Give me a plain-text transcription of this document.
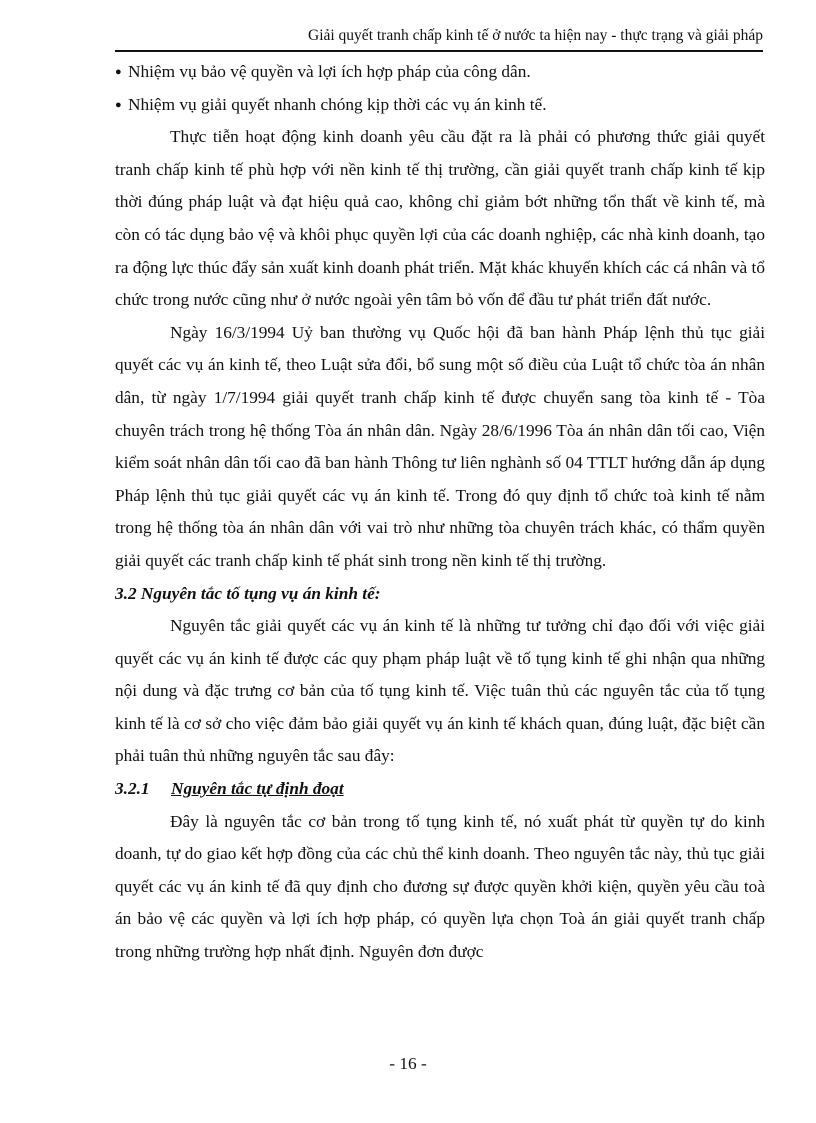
Giải quyết tranh chấp kinh tế ở nước ta hiện nay - thực trạng và giải pháp

● Nhiệm vụ bảo vệ quyền và lợi ích hợp pháp của công dân.

● Nhiệm vụ giải quyết nhanh chóng kịp thời các vụ án kinh tế.

Thực tiễn hoạt động kinh doanh yêu cầu đặt ra là phải có phương thức giải quyết tranh chấp kinh tế phù hợp với nền kinh tế thị trường, cần giải quyết tranh chấp kinh tế kịp thời đúng pháp luật và đạt hiệu quả cao, không chỉ giảm bớt những tổn thất về kinh tế, mà còn có tác dụng bảo vệ và khôi phục quyền lợi của các doanh nghiệp, các nhà kinh doanh, tạo ra động lực thúc đẩy sản xuất kinh doanh phát triển. Mặt khác khuyến khích các cá nhân và tổ chức trong nước cũng như ở nước ngoài yên tâm bỏ vốn để đầu tư phát triển đất nước.

Ngày 16/3/1994 Uỷ ban thường vụ Quốc hội đã ban hành Pháp lệnh thủ tục giải quyết các vụ án kinh tế, theo Luật sửa đổi, bổ sung một số điều của Luật tổ chức tòa án nhân dân, từ ngày 1/7/1994 giải quyết tranh chấp kinh tế được chuyển sang tòa kinh tế - Tòa chuyên trách trong hệ thống Tòa án nhân dân. Ngày 28/6/1996 Tòa án nhân dân tối cao, Viện kiểm soát nhân dân tối cao đã ban hành Thông tư liên nghành số 04 TTLT hướng dẫn áp dụng Pháp lệnh thủ tục giải quyết các vụ án kinh tế. Trong đó quy định tổ chức toà kinh tế nằm trong hệ thống tòa án nhân dân với vai trò như những tòa chuyên trách khác, có thẩm quyền giải quyết các tranh chấp kinh tế phát sinh trong nền kinh tế thị trường.

3.2 Nguyên tắc tố tụng vụ án kinh tế:

Nguyên tắc giải quyết các vụ án kinh tế là những tư tưởng chỉ đạo đối với việc giải quyết các vụ án kinh tế được các quy phạm pháp luật về tố tụng kinh tế ghi nhận qua những nội dung và đặc trưng cơ bản của tố tụng kinh tế. Việc tuân thủ các nguyên tắc của tố tụng kinh tế là cơ sở cho việc đảm bảo giải quyết vụ án kinh tế khách quan, đúng luật, đặc biệt cần phải tuân thủ những nguyên tắc sau đây:

3.2.1 Nguyên tắc tự định đoạt

Đây là nguyên tắc cơ bản trong tố tụng kinh tế, nó xuất phát từ quyền tự do kinh doanh, tự do giao kết hợp đồng của các chủ thể kinh doanh. Theo nguyên tắc này, thủ tục giải quyết các vụ án kinh tế đã quy định cho đương sự được quyền khởi kiện, quyền yêu cầu toà án bảo vệ các quyền và lợi ích hợp pháp, có quyền lựa chọn Toà án giải quyết tranh chấp trong những trường hợp nhất định. Nguyên đơn được

- 16 -
